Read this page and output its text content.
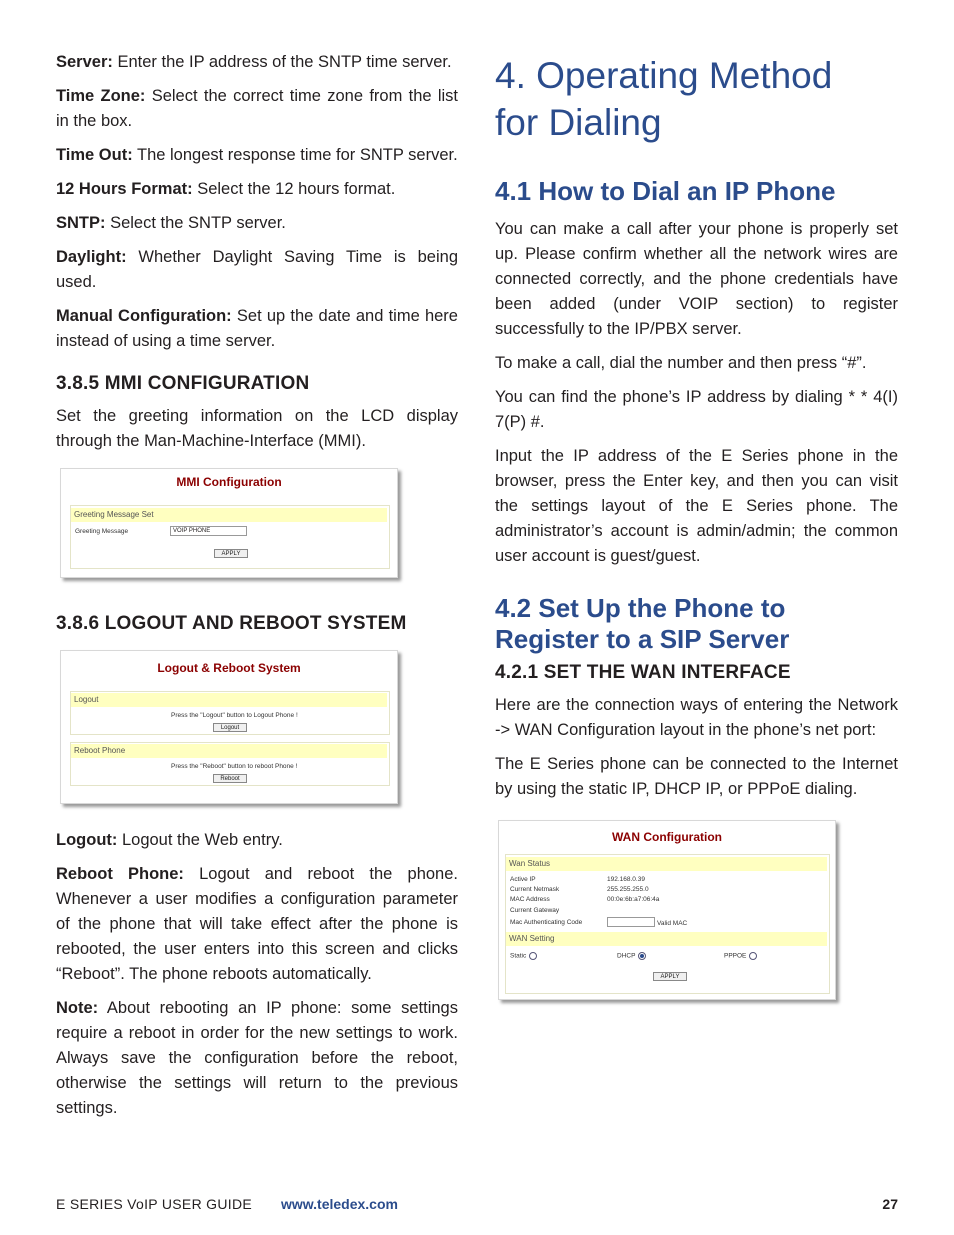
Server: Enter the IP address of the SNTP time server.

Time Zone: Select the correct time zone from the list in the box.

Time Out: The longest response time for SNTP server.

12 Hours Format: Select the 12 hours format.

SNTP: Select the SNTP server.

Daylight: Whether Daylight Saving Time is being used.

Manual Configuration: Set up the date and time here instead of using a time server.

3.8.5 MMI CONFIGURATION

Set the greeting information on the LCD display through the Man-Machine-Interface (MMI).

MMI Configuration
Greeting Message Set
Greeting Message	VOIP PHONE
APPLY
3.8.6 LOGOUT AND REBOOT SYSTEM
Logout & Reboot System
Logout
Press the "Logout" button to Logout Phone !
Logout
Reboot Phone
Press the "Reboot" button to reboot Phone !
Reboot

Logout: Logout the Web entry.

Reboot Phone: Logout and reboot the phone. Whenever a user modifies a configuration parameter of the phone that will take effect after the phone is rebooted, the user enters into this screen and clicks “Reboot”. The phone reboots automatically.

Note: About rebooting an IP phone: some settings require a reboot in order for the new settings to work. Always save the configuration before the reboot, otherwise the settings will return to the previous settings.

4. Operating Method
for Dialing
4.1 How to Dial an IP Phone

You can make a call after your phone is properly set up. Please confirm whether all the network wires are connected correctly, and the phone credentials have been added (under VOIP section) to register successfully to the IP/PBX server.

To make a call, dial the number and then press “#”.

You can find the phone’s IP address by dialing * * 4(I) 7(P) #.

Input the IP address of the E Series phone in the browser, press the Enter key, and then you can visit the settings layout of the E Series phone. The administrator’s account is admin/admin; the common user account is guest/guest.

4.2 Set Up the Phone to
Register to a SIP Server
4.2.1 SET THE WAN INTERFACE

Here are the connection ways of entering the Network -> WAN Configuration layout in the phone’s net port:

The E Series phone can be connected to the Internet by using the static IP, DHCP IP, or PPPoE dialing.

WAN Configuration
Wan Status
Active IP	192.168.0.39
Current Netmask	255.255.255.0
MAC Address	00:0e:6b:a7:06:4a
Current Gateway
Mac Authenticating Code	Valid MAC
WAN Setting
Static	DHCP	PPPOE
APPLY
E SERIES VoIP USER GUIDE www.teledex.com	27
